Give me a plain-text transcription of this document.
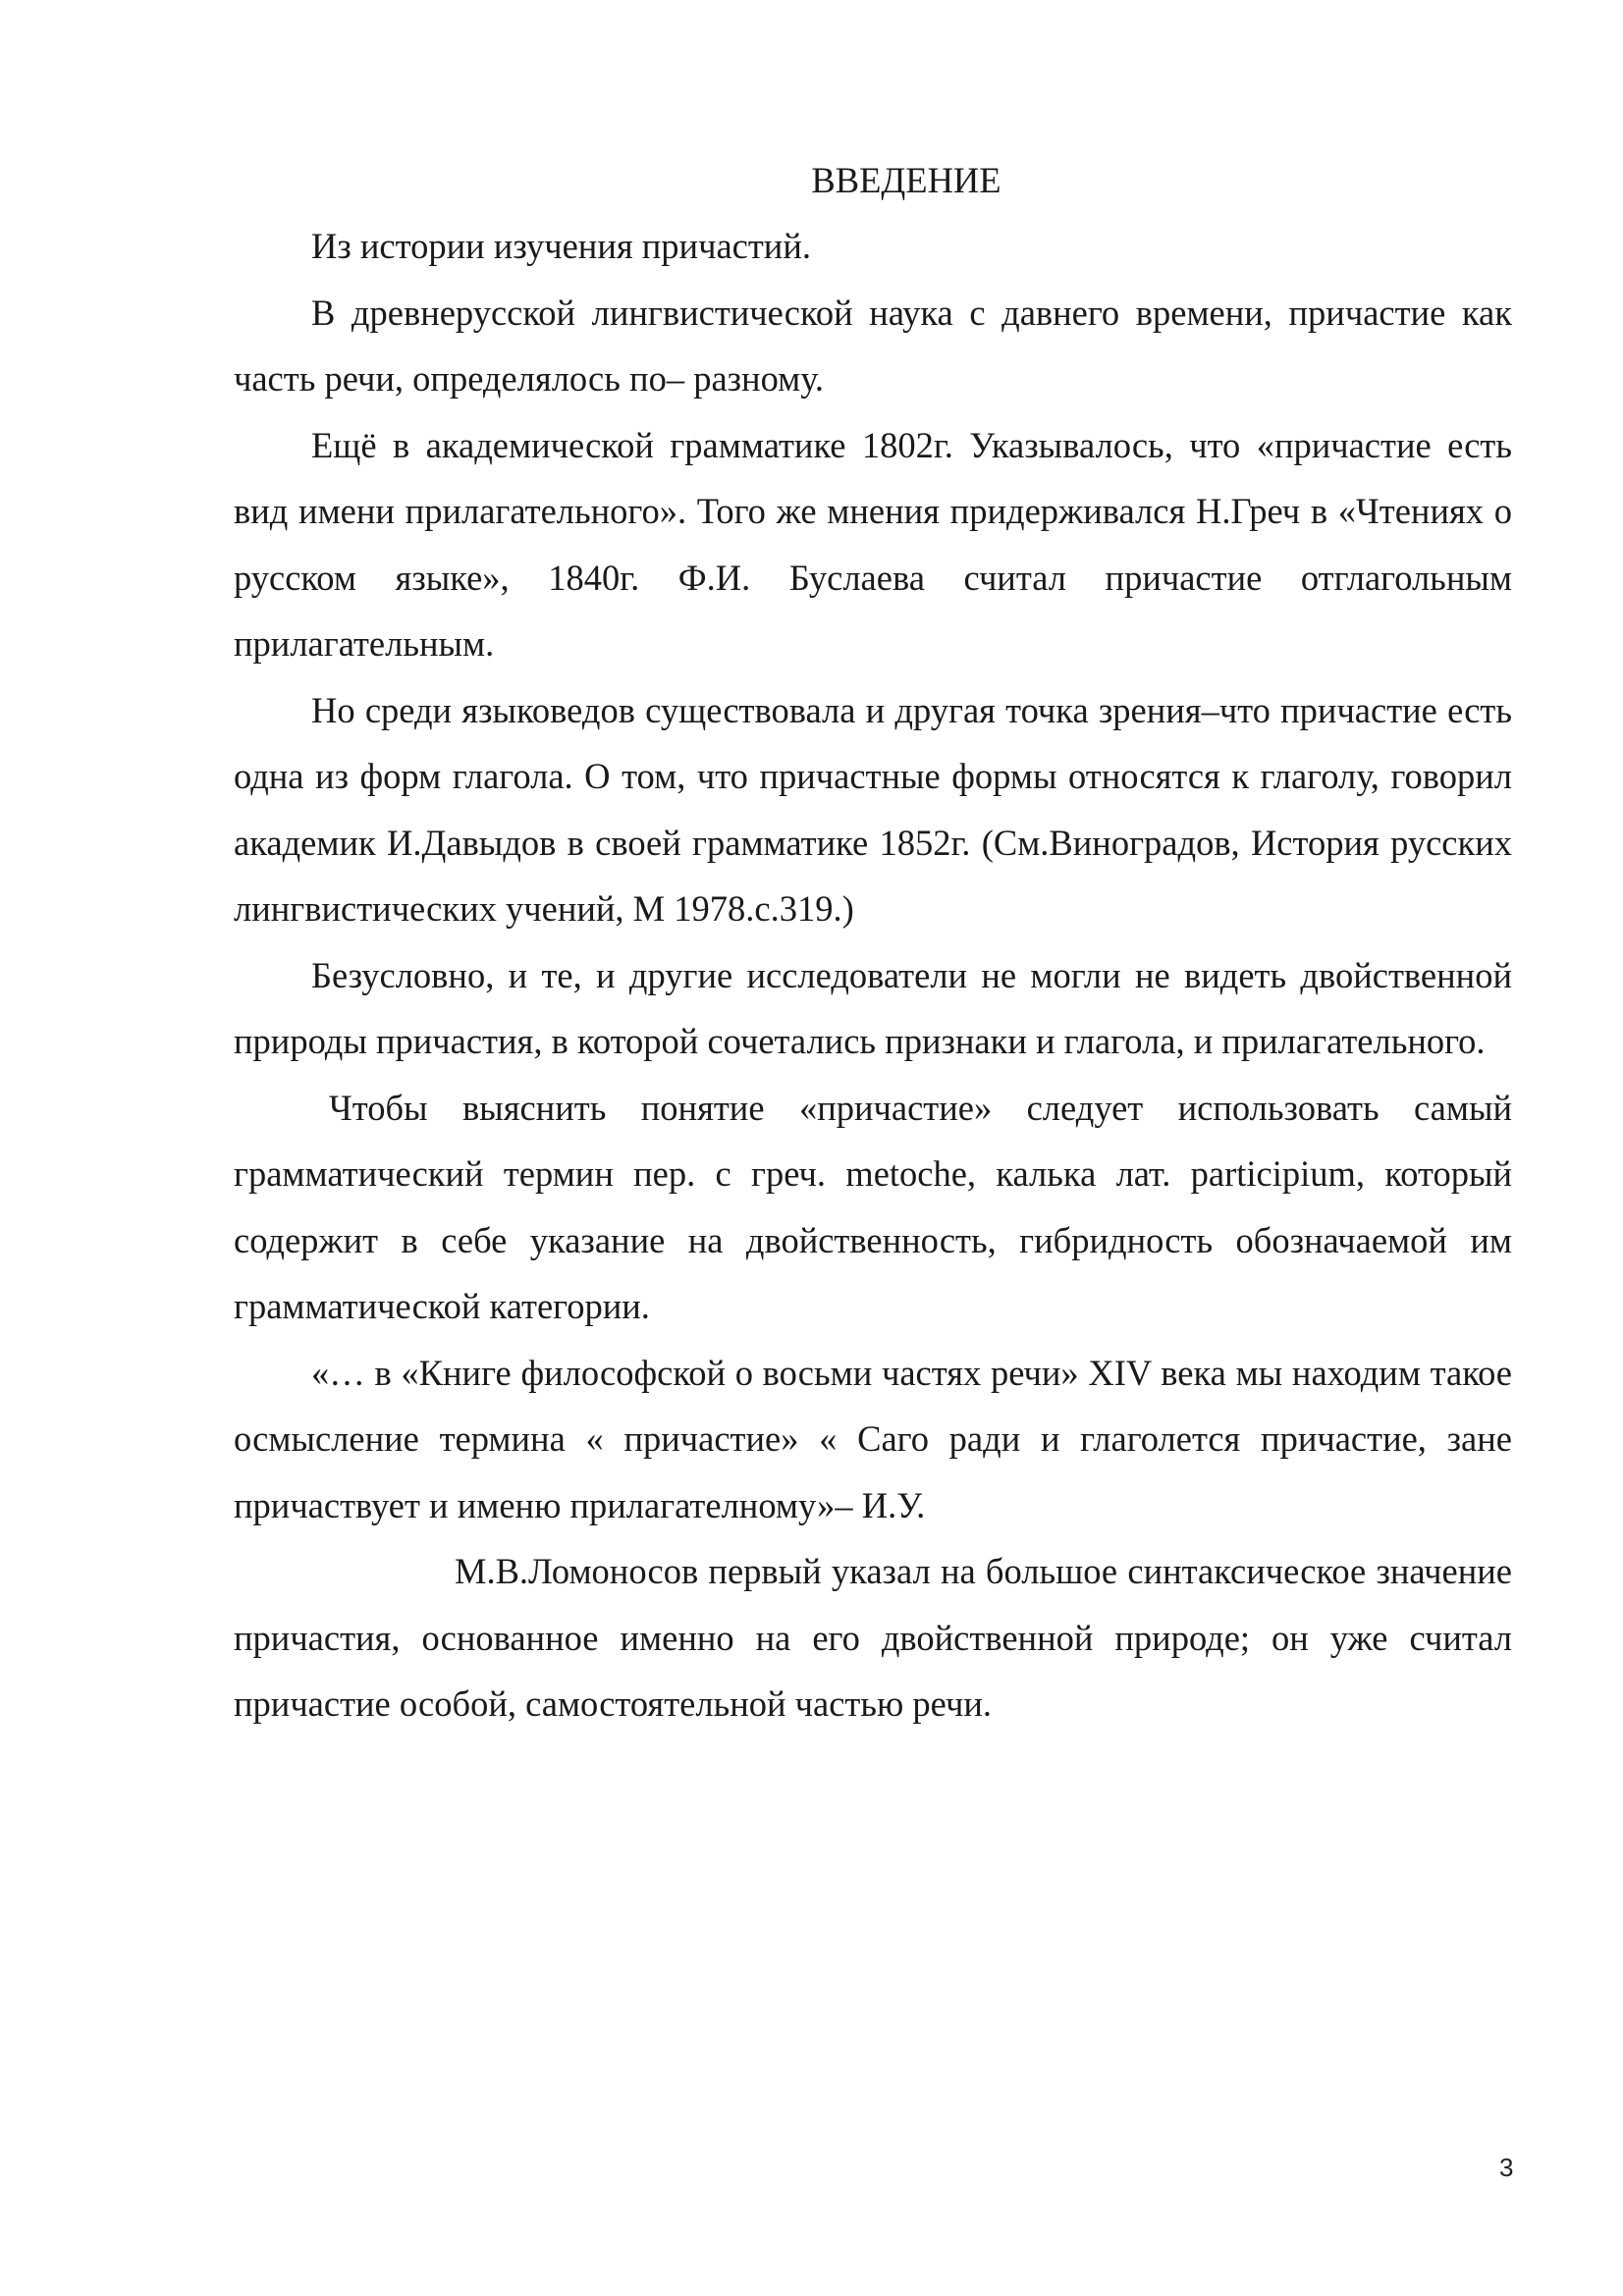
ВВЕДЕНИЕ

Из истории изучения причастий.

В древнерусской лингвистической наука с давнего времени, причастие как часть речи, определялось по– разному.

Ещё в академической грамматике 1802г. Указывалось, что «причастие есть вид имени прилагательного». Того же мнения придерживался Н.Греч в «Чтениях о русском языке», 1840г. Ф.И. Буслаева считал причастие отглагольным прилагательным.

Но среди языковедов существовала и другая точка зрения–что причастие есть одна из форм глагола. О том, что причастные формы относятся к глаголу, говорил академик И.Давыдов в своей грамматике 1852г. (См.Виноградов, История русских лингвистических учений, М 1978.с.319.)

Безусловно, и те, и другие исследователи не могли не видеть двойственной природы причастия, в которой сочетались признаки и глагола, и прилагательного.

Чтобы выяснить понятие «причастие» следует использовать самый грамматический термин пер. с греч. metoche, калька лат. participium, который содержит в себе указание на двойственность, гибридность обозначаемой им грамматической категории.

«… в «Книге философской о восьми частях речи» XIV века мы находим такое осмысление термина « причастие» « Саго ради и глаголется причастие, зане причаствует и именю прилагателному»– И.У.

М.В.Ломоносов первый указал на большое синтаксическое значение причастия, основанное именно на его двойственной природе; он уже считал причастие особой, самостоятельной частью речи.

3
